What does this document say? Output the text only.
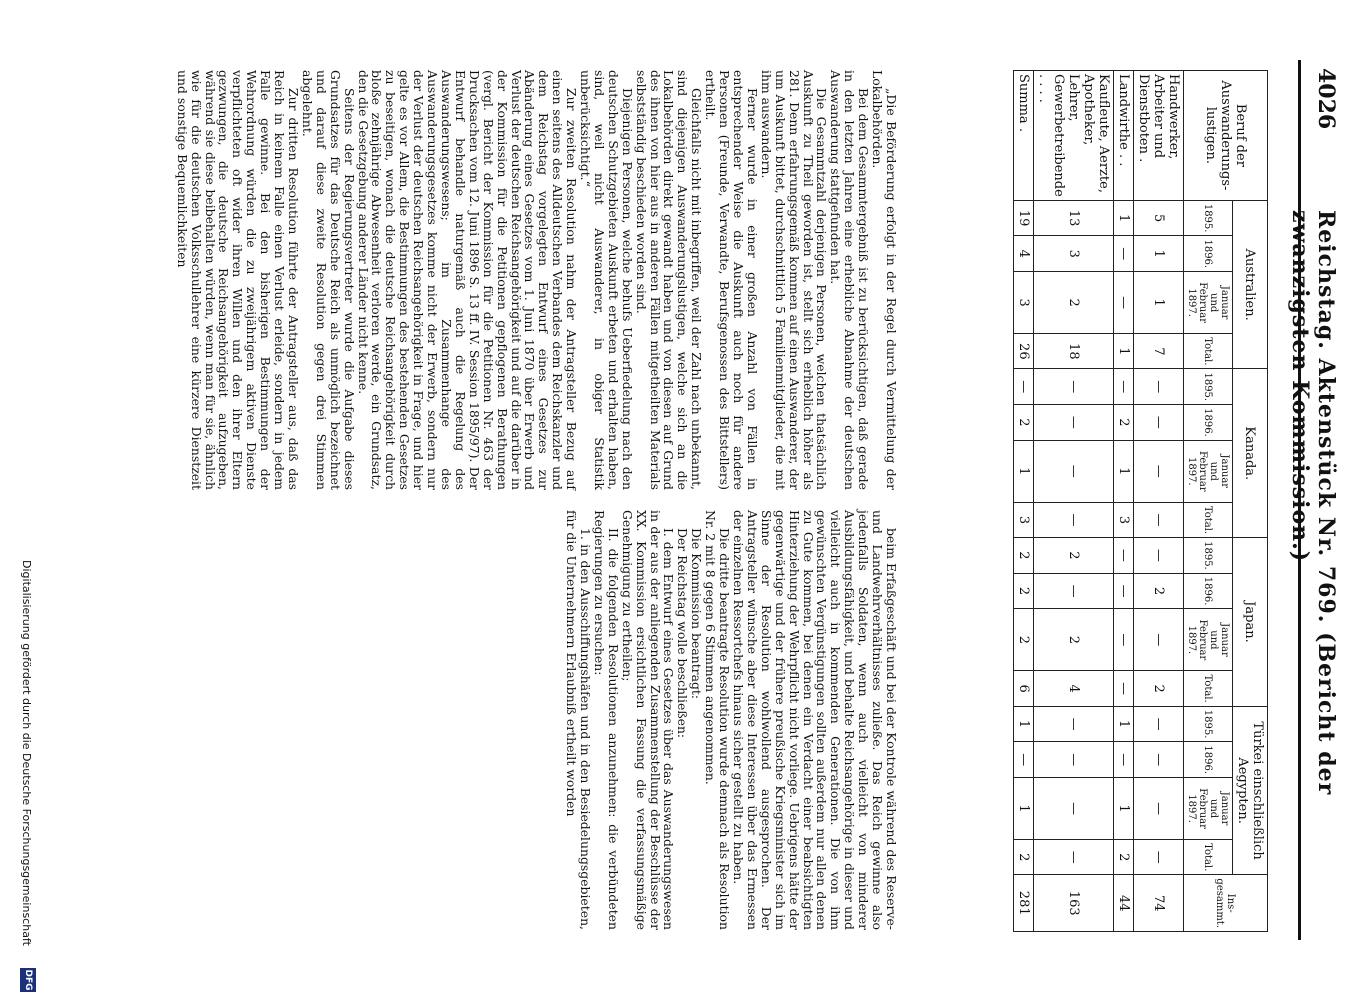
4026
Reichstag. Aktenstück Nr. 769. (Bericht der zwanzigsten Kommission.)
Beruf der Auswanderungs-lustigen.	Australien.				Kanada.				Japan.				Türkei einschließlich Aegypten.				Ins-gesammt.
	1895.	1896.	Januar und Februar 1897.	Total.	1895.	1896.	Januar und Februar 1897.	Total.	1895.	1896.	Januar und Februar 1897.	Total.	1895.	1896.	Januar und Februar 1897.	Total.	
Handwerker, Arbeiter und Dienstboten .	5	1	1	7	—	—	—	—	—	2	—	2	—	—	—	—	74
Landwirthe . .	1	—	—	1	—	2	1	3	—	—	—	—	1	—	1	2	44
Kaufleute, Aerzte, Apotheker, Lehrer, Gewerbetreibende . . . .	13	3	2	18	—	—	—	—	2	—	2	4	—	—	—	—	163
Summa .	19	4	3	26	—	2	1	3	2	2	2	6	1	—	1	2	281

„Die Beförderung erfolgt in der Regel durch Vermittelung der Lokalbehörden.

Bei dem Gesammtergebniß ist zu berücksichtigen, daß gerade in den letzten Jahren eine erhebliche Abnahme der deutschen Auswanderung stattgefunden hat.

Die Gesammtzahl derjenigen Personen, welchen thatsächlich Auskunft zu Theil geworden ist, stellt sich erheblich höher als 281. Denn erfahrungsgemäß kommen auf einen Auswanderer, der um Auskunft bittet, durchschnittlich 5 Familienmitglieder, die mit ihm auswandern.

Ferner wurde in einer großen Anzahl von Fällen in entsprechender Weise die Auskunft auch noch für andere Personen (Freunde, Verwandte, Berufsgenossen des Bittstellers) ertheilt.

Gleichfalls nicht mit inbegriffen, weil der Zahl nach unbekannt, sind diejenigen Auswanderungslustigen, welche sich an die Lokalbehörden direkt gewandt haben und von diesen auf Grund des ihnen von hier aus in anderen Fällen mitgetheilten Materials selbstständig beschieden worden sind.

Diejenigen Personen, welche behufs Ueberfiedelung nach den deutschen Schutzgebieten Auskunft erbeten und erhalten haben, sind, weil nicht Auswanderer, in obiger Statistik unberücksichtigt.“

Zur zweiten Resolution nahm der Antragsteller Bezug auf einen seitens des Alldeutschen Verbandes dem Reichskanzler und dem Reichstag vorgelegten Entwurf eines Gesetzes zur Abänderung eines Gesetzes vom 1. Juni 1870 über Erwerb und Verlust der deutschen Reichsangehörigkeit und auf die darüber in der Kommission für die Petitionen gepflogenen Berathungen (vergl. Bericht der Kommission für die Petitionen Nr. 463 der Drucksachen vom 12. Juni 1896 S. 13 ff. IV. Session 1895/97). Der Entwurf behandle naturgemäß auch die Regelung des Auswanderungswesens; im Zusammenhange des Auswanderungsgesetzes komme nicht der Erwerb, sondern nur der Verlust der deutschen Reichsangehörigkeit in Frage, und hier gelte es vor Allem, die Bestimmungen des bestehenden Gesetzes zu beseitigen, wonach die deutsche Reichsangehörigkeit durch bloße zehnjährige Abwesenheit verloren werde, ein Grundsatz, den die Gesetzgebung anderer Länder nicht kenne.

Seitens der Regierungsvertreter wurde die Aufgabe dieses Grundsatzes für das Deutsche Reich als unmöglich bezeichnet und darauf diese zweite Resolution gegen drei Stimmen abgelehnt.

Zur dritten Resolution führte der Antragsteller aus, daß das Reich in keinem Falle einen Verlust erleide, sondern in jedem Falle gewinne. Bei den bisherigen Bestimmungen der Wehrordnung würden die zu zweijährigem aktiven Dienste verpflichteten oft wider ihren Willen und den ihrer Eltern gezwungen, die deutsche Reichsangehörigkeit aufzugeben, während sie diese beibehalten würden, wenn man für sie, ähnlich wie für die deutschen Volksschullehrer eine kürzere Dienstzeit und sonstige Bequemlichkeiten

beim Erfaßgeschäft und bei der Kontrole während des Reserve- und Landwehrverhältnisses zuließe. Das Reich gewinne also jedenfalls Soldaten, wenn auch vielleicht von minderer Ausbildungsfähigkeit, und behalte Reichsangehörige in dieser und vielleicht auch in kommenden Generationen. Die von ihm gewünschten Vergünstigungen sollten außerdem nur allen denen zu Gute kommen, bei denen ein Verdacht einer beabsichtigten Hinterziehung der Wehrpflicht nicht vorliege. Uebrigens hätte der gegenwärtige und der frühere preußische Kriegsminister sich im Sinne der Resolution wohlwollend ausgesprochen. Der Antragsteller wünsche aber diese Interessen über das Ermessen der einzelnen Ressortchefs hinaus sicher gestellt zu haben.

Die dritte beantragte Resolution wurde demnach als Resolution Nr. 2 mit 8 gegen 6 Stimmen angenommen.

Die Kommission beantragt:

Der Reichstag wolle beschließen:

I. dem Entwurf eines Gesetzes über das Auswanderungswesen in der aus der anliegenden Zusammenstellung der Beschlüsse der XX. Kommission ersichtlichen Fassung die verfassungsmäßige Genehmigung zu ertheilen;

II. die folgenden Resolutionen anzunehmen: die verbündeten Regierungen zu ersuchen:

1. in den Ausschiffungshäfen und in den Besiedelungsgebieten, für die Unternehmern Erlaubniß ertheilt worden

Digitalisierung gefördert durch die Deutsche Forschungsgemeinschaft
DFG
